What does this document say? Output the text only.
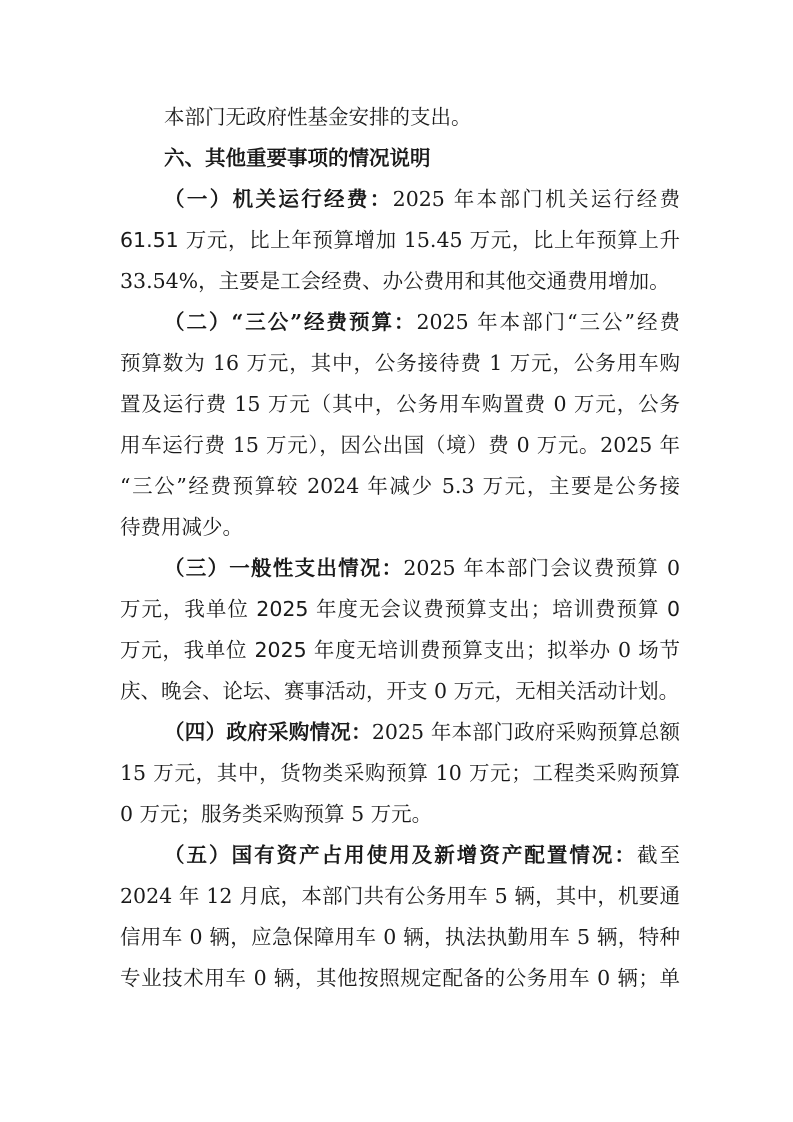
本部门无政府性基金安排的支出。
六、其他重要事项的情况说明
（一）机关运行经费：2025 年本部门机关运行经费
61.51 万元，比上年预算增加 15.45 万元，比上年预算上升
33.54%，主要是工会经费、办公费用和其他交通费用增加。
（二）“三公”经费预算：2025 年本部门“三公”经费
预算数为 16 万元，其中，公务接待费 1 万元，公务用车购
置及运行费 15 万元（其中，公务用车购置费 0 万元，公务
用车运行费 15 万元），因公出国（境）费 0 万元。2025 年
“三公”经费预算较 2024 年减少 5.3 万元，主要是公务接
待费用减少。
（三）一般性支出情况：2025 年本部门会议费预算 0
万元，我单位 2025 年度无会议费预算支出；培训费预算 0
万元，我单位 2025 年度无培训费预算支出；拟举办 0 场节
庆、晚会、论坛、赛事活动，开支 0 万元，无相关活动计划。
（四）政府采购情况：2025 年本部门政府采购预算总额
15 万元，其中，货物类采购预算 10 万元；工程类采购预算
0 万元；服务类采购预算 5 万元。
（五）国有资产占用使用及新增资产配置情况：截至
2024 年 12 月底，本部门共有公务用车 5 辆，其中，机要通
信用车 0 辆，应急保障用车 0 辆，执法执勤用车 5 辆，特种
专业技术用车 0 辆，其他按照规定配备的公务用车 0 辆；单
